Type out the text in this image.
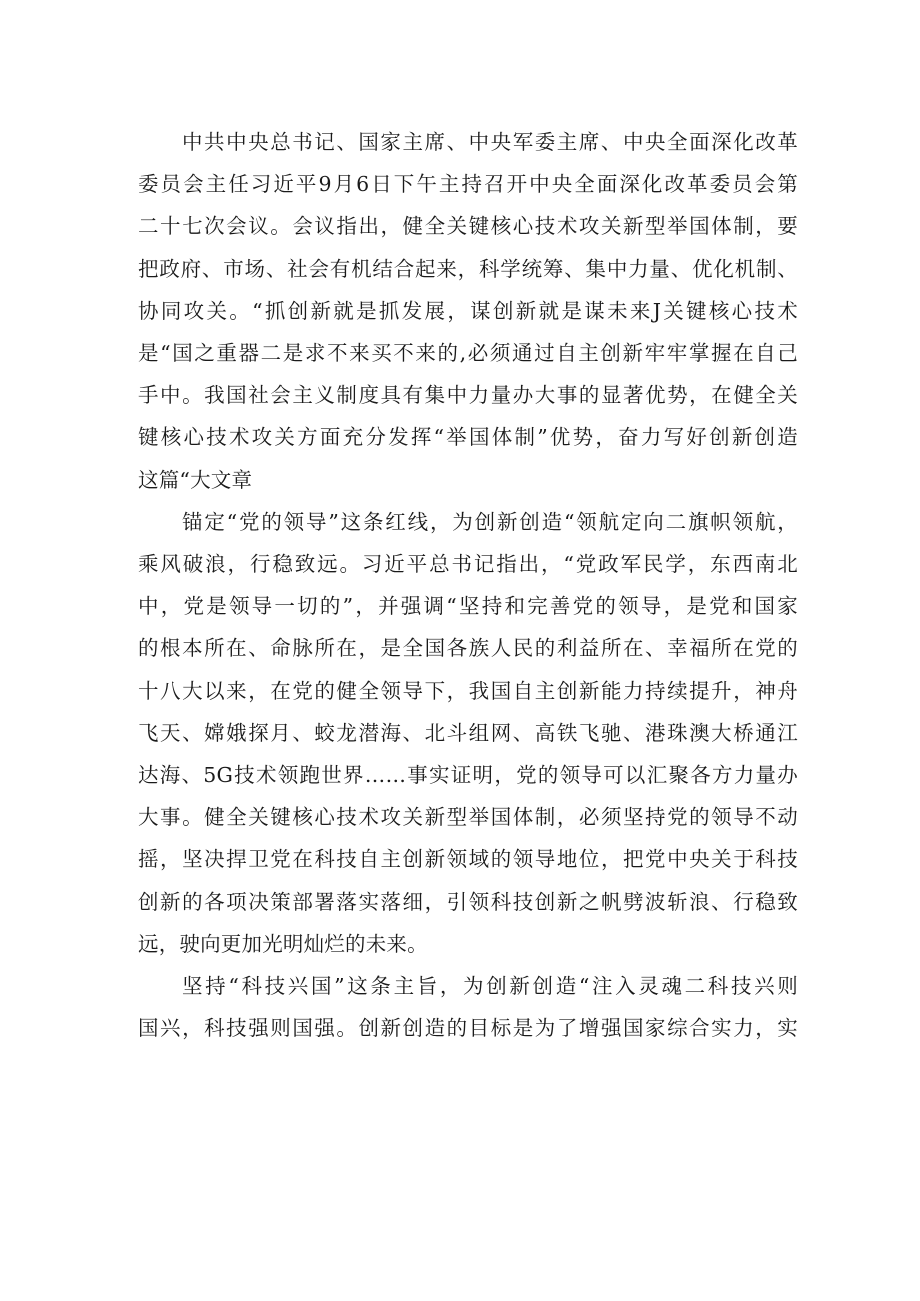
中共中央总书记、国家主席、中央军委主席、中央全面深化改革
委员会主任习近平9月6日下午主持召开中央全面深化改革委员会第
二十七次会议。会议指出，健全关键核心技术攻关新型举国体制，要
把政府、市场、社会有机结合起来，科学统筹、集中力量、优化机制、
协同攻关。“抓创新就是抓发展，谋创新就是谋未来J关键核心技术
是“国之重器二是求不来买不来的,必须通过自主创新牢牢掌握在自己
手中。我国社会主义制度具有集中力量办大事的显著优势，在健全关
键核心技术攻关方面充分发挥“举国体制”优势，奋力写好创新创造
这篇“大文章

锚定“党的领导”这条红线，为创新创造“领航定向二旗帜领航，
乘风破浪，行稳致远。习近平总书记指出，“党政军民学，东西南北
中，党是领导一切的”，并强调“坚持和完善党的领导，是党和国家
的根本所在、命脉所在，是全国各族人民的利益所在、幸福所在党的
十八大以来，在党的健全领导下，我国自主创新能力持续提升，神舟
飞天、嫦娥探月、蛟龙潜海、北斗组网、高铁飞驰、港珠澳大桥通江
达海、5G技术领跑世界……事实证明，党的领导可以汇聚各方力量办
大事。健全关键核心技术攻关新型举国体制，必须坚持党的领导不动
摇，坚决捍卫党在科技自主创新领域的领导地位，把党中央关于科技
创新的各项决策部署落实落细，引领科技创新之帆劈波斩浪、行稳致
远，驶向更加光明灿烂的未来。

坚持“科技兴国”这条主旨，为创新创造“注入灵魂二科技兴则
国兴，科技强则国强。创新创造的目标是为了增强国家综合实力，实
